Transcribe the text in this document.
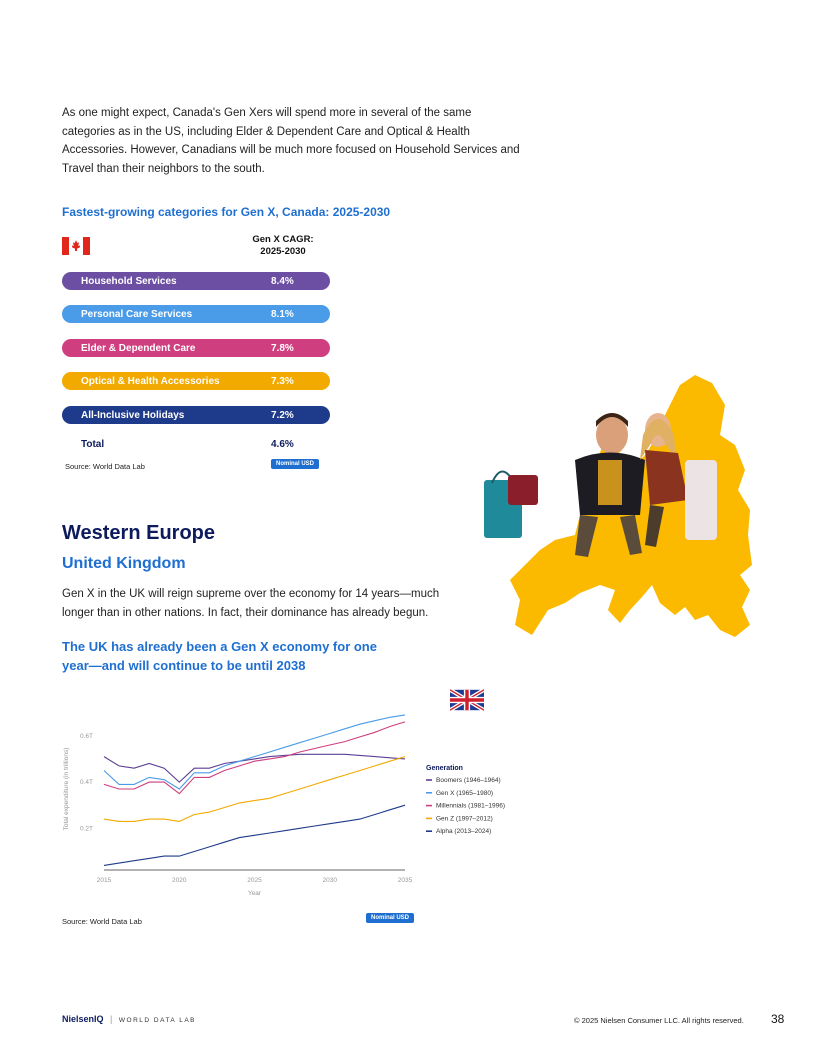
As one might expect, Canada's Gen Xers will spend more in several of the same categories as in the US, including Elder & Dependent Care and Optical & Health Accessories. However, Canadians will be much more focused on Household Services and Travel than their neighbors to the south.
Fastest-growing categories for Gen X, Canada: 2025-2030
Gen X CAGR:
2025-2030
Household Services	8.4%
Personal Care Services	8.1%
Elder & Dependent Care	7.8%
Optical & Health Accessories	7.3%
All-Inclusive Holidays	7.2%
Total	4.6%
Source: World Data Lab	Nominal USD
Western Europe
United Kingdom
Gen X in the UK will reign supreme over the economy for 14 years—much longer than in other nations. In fact, their dominance has already begun.
The UK has already been a Gen X economy for one year—and will continue to be until 2038
2015	2020	2025	2030	2035
0.2T
0.4T
0.6T
Year
Total expenditure (in trillions)	Generation
Boomers (1946–1964)
Gen X (1965–1980)
Millennials (1981–1996)
Gen Z (1997–2012)
Alpha (2013–2024)
Source: World Data Lab	Nominal USD
NielsenIQ | WORLD DATA LAB	© 2025 Nielsen Consumer LLC. All rights reserved. 38
